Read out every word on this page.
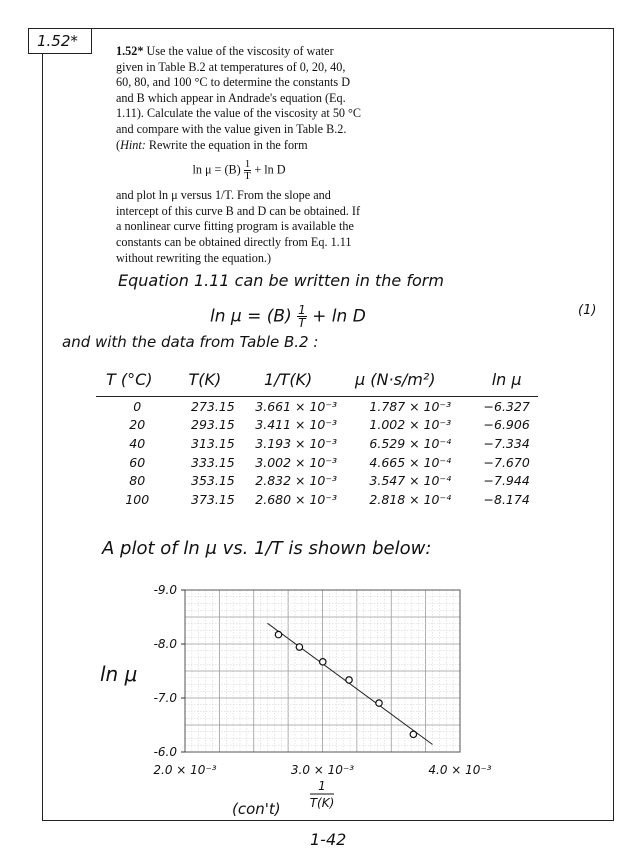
1.52*
1.52* Use the value of the viscosity of water given in Table B.2 at temperatures of 0, 20, 40, 60, 80, and 100 °C to determine the constants D and B which appear in Andrade's equation (Eq. 1.11). Calculate the value of the viscosity at 50 °C and compare with the value given in Table B.2. (Hint: Rewrite the equation in the form
$\ln \mu = (B) \frac{1}{T} + \ln D$
and plot ln μ versus 1/T. From the slope and intercept of this curve B and D can be obtained. If a nonlinear curve fitting program is available the constants can be obtained directly from Eq. 1.11 without rewriting the equation.)
Equation 1.11 can be written in the form
$\ln \mu = (B) \frac{1}{T} + \ln D$	(1)
and with the data from Table B.2 :
T (°C)	T(K)	1/T(K)	μ (N·s/m²)	ln μ
0	273.15	3.661 × 10⁻³	1.787 × 10⁻³	−6.327
20	293.15	3.411 × 10⁻³	1.002 × 10⁻³	−6.906
40	313.15	3.193 × 10⁻³	6.529 × 10⁻⁴	−7.334
60	333.15	3.002 × 10⁻³	4.665 × 10⁻⁴	−7.670
80	353.15	2.832 × 10⁻³	3.547 × 10⁻⁴	−7.944
100	373.15	2.680 × 10⁻³	2.818 × 10⁻⁴	−8.174
A plot of ln μ vs. 1/T is shown below:
ln μ
-9.0
-8.0
-7.0
-6.0
2.0 × 10⁻³	3.0 × 10⁻³	4.0 × 10⁻³
1
T(K)
(con't)
1-42
